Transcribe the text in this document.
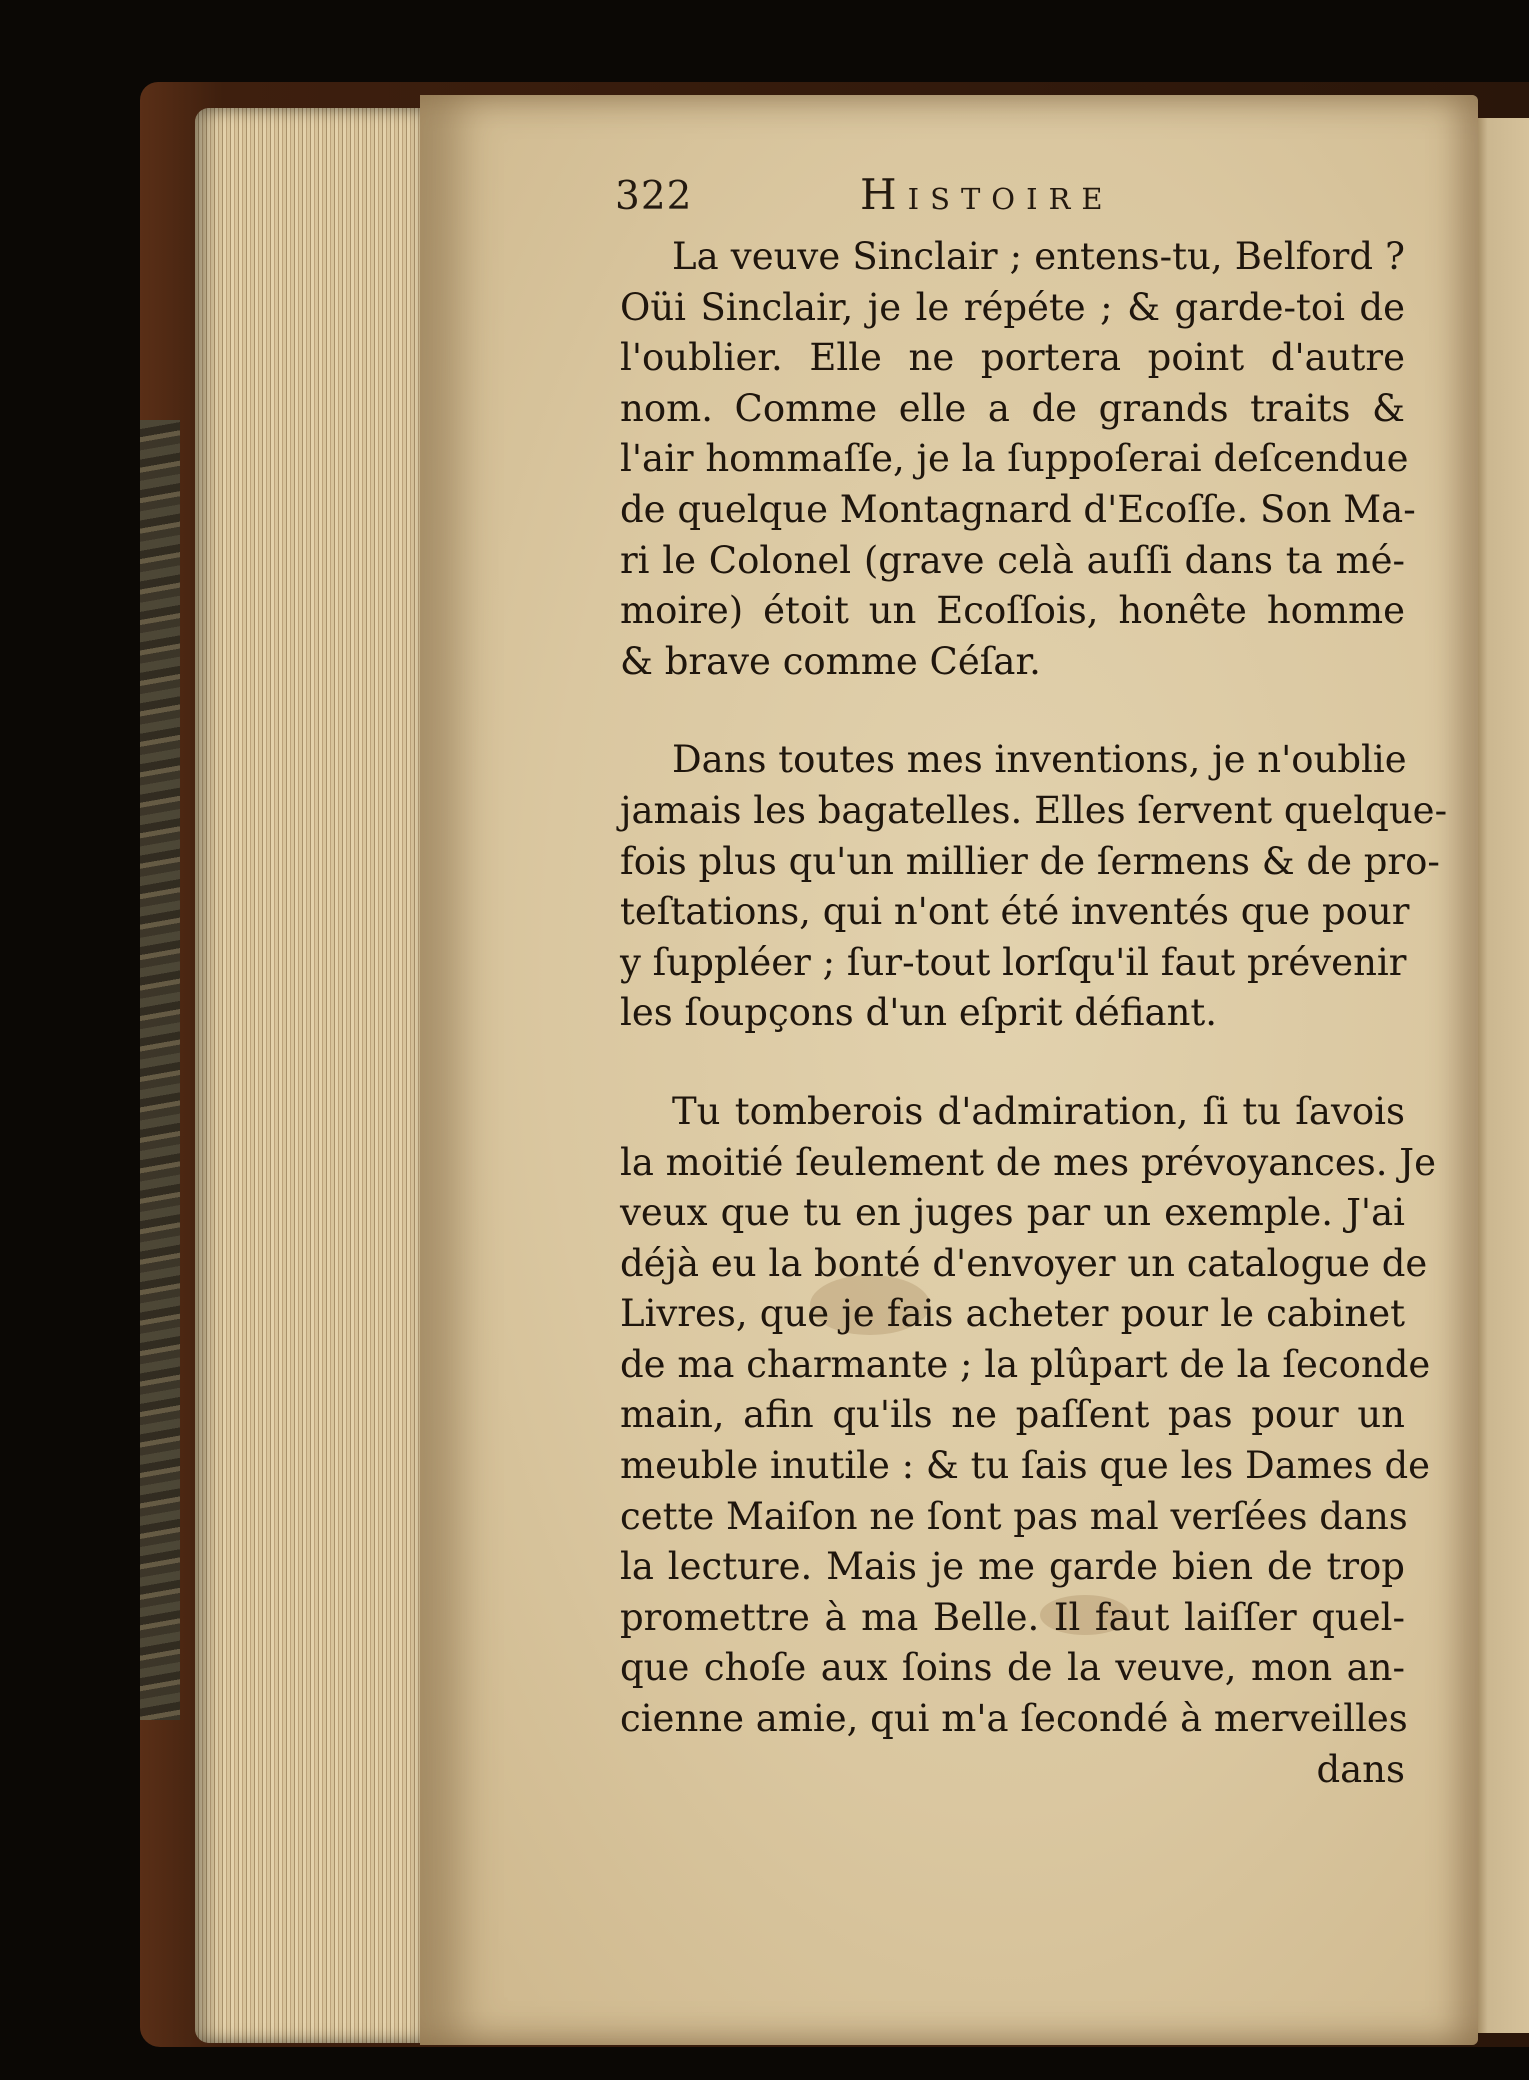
322	Histoire
La veuve Sinclair ; entens-tu, Belford ?
Oüi Sinclair, je le répéte ; & garde-toi de
l'oublier. Elle ne portera point d'autre
nom. Comme elle a de grands traits &
l'air hommaſſe, je la ſuppoſerai deſcendue
de quelque Montagnard d'Ecoſſe. Son Ma-
ri le Colonel (grave celà auſſi dans ta mé-
moire) étoit un Ecoſſois, honête homme
& brave comme Céſar.
Dans toutes mes inventions, je n'oublie
jamais les bagatelles. Elles ſervent quelque-
fois plus qu'un millier de ſermens & de pro-
teſtations, qui n'ont été inventés que pour
y ſuppléer ; ſur-tout lorſqu'il faut prévenir
les ſoupçons d'un eſprit défiant.
Tu tomberois d'admiration, ſi tu ſavois
la moitié ſeulement de mes prévoyances. Je
veux que tu en juges par un exemple. J'ai
déjà eu la bonté d'envoyer un catalogue de
Livres, que je fais acheter pour le cabinet
de ma charmante ; la plûpart de la ſeconde
main, afin qu'ils ne paſſent pas pour un
meuble inutile : & tu ſais que les Dames de
cette Maiſon ne ſont pas mal verſées dans
la lecture. Mais je me garde bien de trop
promettre à ma Belle. Il faut laiſſer quel-
que choſe aux ſoins de la veuve, mon an-
cienne amie, qui m'a ſecondé à merveilles
dans
